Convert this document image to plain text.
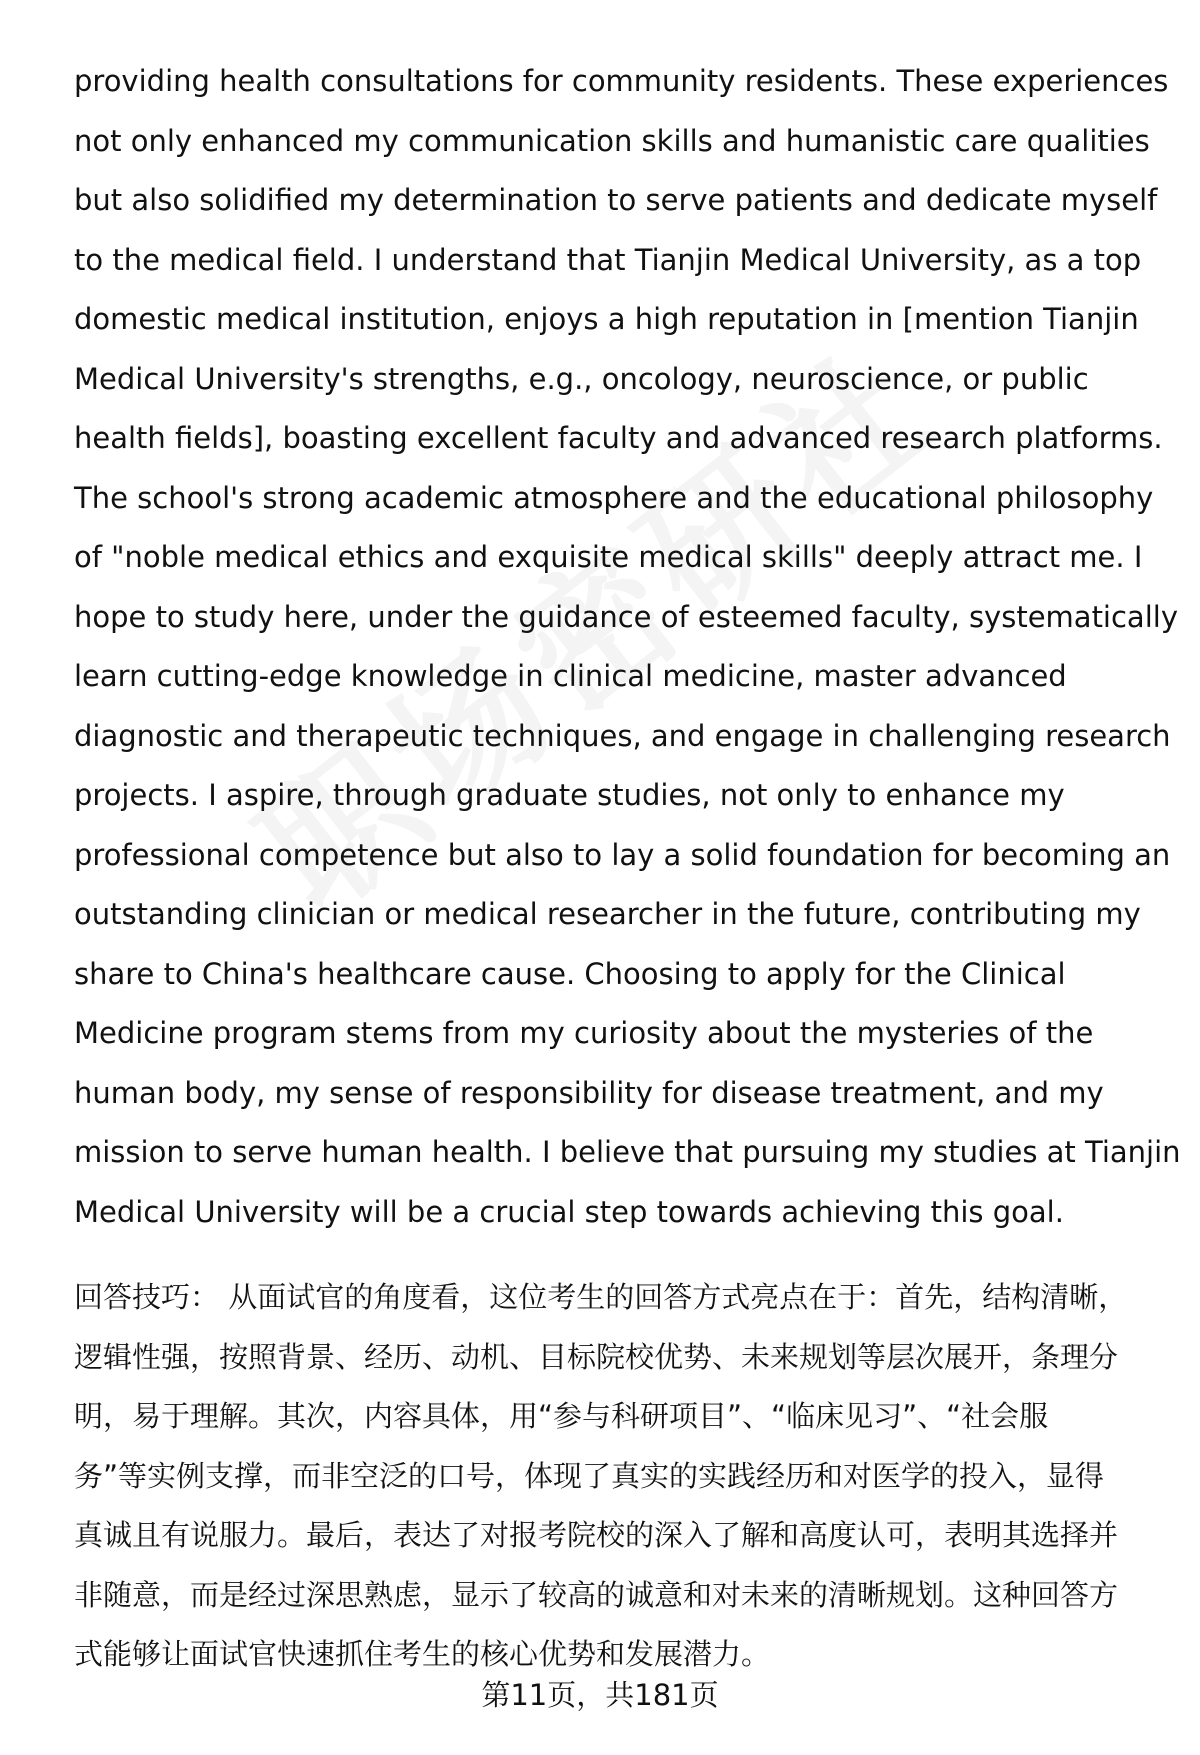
providing health consultations for community residents. These experiences
not only enhanced my communication skills and humanistic care qualities
but also solidified my determination to serve patients and dedicate myself
to the medical field. I understand that Tianjin Medical University, as a top
domestic medical institution, enjoys a high reputation in [mention Tianjin
Medical University's strengths, e.g., oncology, neuroscience, or public
health fields], boasting excellent faculty and advanced research platforms.
The school's strong academic atmosphere and the educational philosophy
of "noble medical ethics and exquisite medical skills" deeply attract me. I
hope to study here, under the guidance of esteemed faculty, systematically
learn cutting-edge knowledge in clinical medicine, master advanced
diagnostic and therapeutic techniques, and engage in challenging research
projects. I aspire, through graduate studies, not only to enhance my
professional competence but also to lay a solid foundation for becoming an
outstanding clinician or medical researcher in the future, contributing my
share to China's healthcare cause. Choosing to apply for the Clinical
Medicine program stems from my curiosity about the mysteries of the
human body, my sense of responsibility for disease treatment, and my
mission to serve human health. I believe that pursuing my studies at Tianjin
Medical University will be a crucial step towards achieving this goal.
回答技巧： 从面试官的角度看，这位考生的回答方式亮点在于：首先，结构清晰，
逻辑性强，按照背景、经历、动机、目标院校优势、未来规划等层次展开，条理分
明，易于理解。其次，内容具体，用“参与科研项目”、“临床见习”、“社会服
务”等实例支撑，而非空泛的口号，体现了真实的实践经历和对医学的投入，显得
真诚且有说服力。最后，表达了对报考院校的深入了解和高度认可，表明其选择并
非随意，而是经过深思熟虑，显示了较高的诚意和对未来的清晰规划。这种回答方
式能够让面试官快速抓住考生的核心优势和发展潜力。
第11页，共181页
